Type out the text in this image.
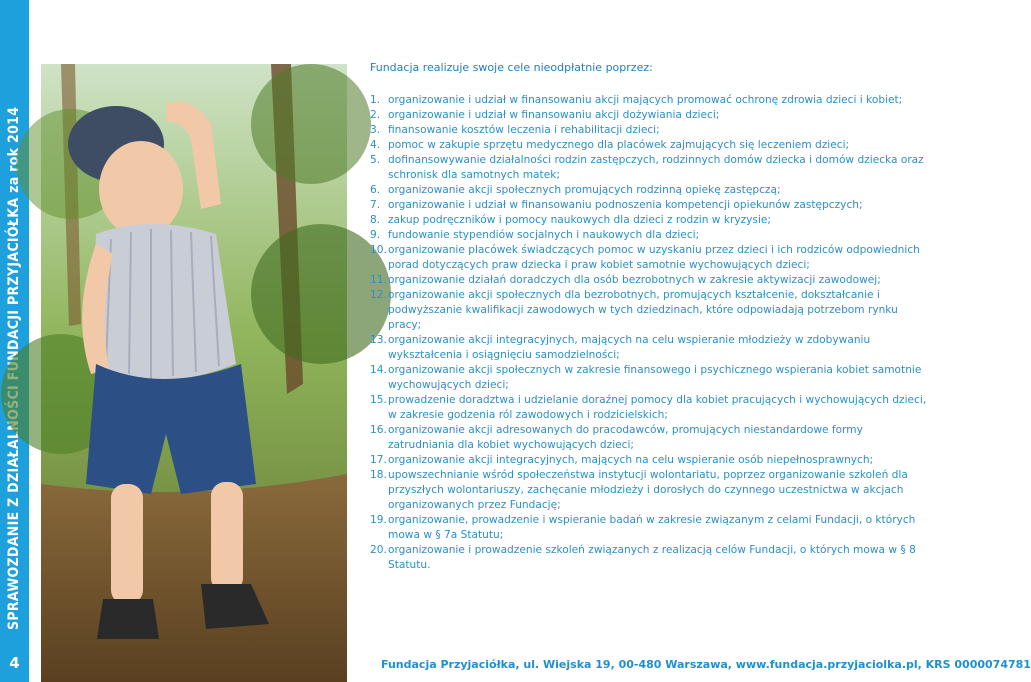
4

Fundacja realizuje swoje cele nieodpłatnie poprzez:

1. organizowanie i udział w finansowaniu akcji mających promować ochronę zdrowia dzieci i kobiet;
2. organizowanie i udział w finansowaniu akcji dożywiania dzieci;
3. finansowanie kosztów leczenia i rehabilitacji dzieci;
4. pomoc w zakupie sprzętu medycznego dla placówek zajmujących się leczeniem dzieci;
5. dofinansowywanie działalności rodzin zastępczych, rodzinnych domów dziecka i domów dziecka oraz schronisk dla samotnych matek;
6. organizowanie akcji społecznych promujących rodzinną opiekę zastępczą;
7. organizowanie i udział w finansowaniu podnoszenia kompetencji opiekunów zastępczych;
8. zakup podręczników i pomocy naukowych dla dzieci z rodzin w kryzysie;
9. fundowanie stypendiów socjalnych i naukowych dla dzieci;
10. organizowanie placówek świadczących pomoc w uzyskaniu przez dzieci i ich rodziców odpowiednich porad dotyczących praw dziecka i praw kobiet samotnie wychowujących dzieci;
11. organizowanie działań doradczych dla osób bezrobotnych w zakresie aktywizacji zawodowej;
12. organizowanie akcji społecznych dla bezrobotnych, promujących kształcenie, dokształcanie i podwyższanie kwalifikacji zawodowych w tych dziedzinach, które odpowiadają potrzebom rynku pracy;
13. organizowanie akcji integracyjnych, mających na celu wspieranie młodzieży w zdobywaniu wykształcenia i osiągnięciu samodzielności;
14. organizowanie akcji społecznych w zakresie finansowego i psychicznego wspierania kobiet samotnie wychowujących dzieci;
15. prowadzenie doradztwa i udzielanie doraźnej pomocy dla kobiet pracujących i wychowujących dzieci, w zakresie godzenia ról zawodowych i rodzicielskich;
16. organizowanie akcji adresowanych do pracodawców, promujących niestandardowe formy zatrudniania dla kobiet wychowujących dzieci;
17. organizowanie akcji integracyjnych, mających na celu wspieranie osób niepełnosprawnych;
18. upowszechnianie wśród społeczeństwa instytucji wolontariatu, poprzez organizowanie szkoleń dla przyszłych wolontariuszy, zachęcanie młodzieży i dorosłych do czynnego uczestnictwa w akcjach organizowanych przez Fundację;
19. organizowanie, prowadzenie i wspieranie badań w zakresie związanym z celami Fundacji, o których mowa w § 7a Statutu;
20. organizowanie i prowadzenie szkoleń związanych z realizacją celów Fundacji, o których mowa w § 8 Statutu.
Fundacja Przyjaciółka, ul. Wiejska 19, 00-480 Warszawa, www.fundacja.przyjaciolka.pl, KRS 0000074781
